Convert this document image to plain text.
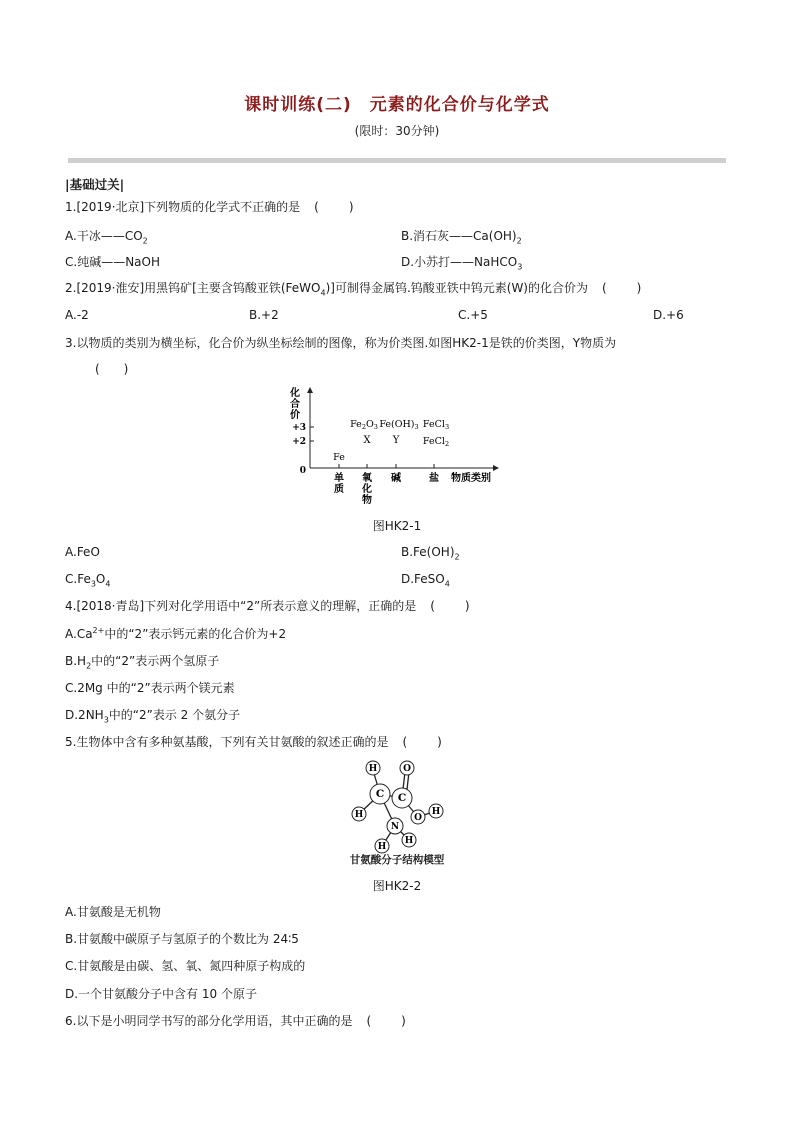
课时训练(二)　元素的化合价与化学式
(限时：30分钟)
|基础过关|
1.[2019·北京]下列物质的化学式不正确的是 (　　)
A.干冰$——CO_2$	B.消石灰$——Ca(OH)_2$
C.纯碱——NaOH	D.小苏打——NaHCO$_3$
2.[2019·淮安]用黑钨矿[主要含钨酸亚铁(FeWO$_4$)]可制得金属钨.钨酸亚铁中钨元素(W)的化合价为 (　　)
A.-2	B.+2	C.+5	D.+6
3.以物质的类别为横坐标，化合价为纵坐标绘制的图像，称为价类图.如图HK2-1是铁的价类图，Y物质为
(　　)
化
合
价
+3
+2
0
单
质
氧
化
物
碱	盐 物质类别
Fe
$Fe_2O_3$
X
$Fe(OH)_3$
Y
FeCl$_3$
FeCl$_2$
图HK2-1
A.FeO	$B.Fe(OH)_2$
$C.Fe_3O_4$	D.FeSO$_4$
4.[2018·青岛]下列对化学用语中“2”所表示意义的理解，正确的是 (　　)
$A.Ca^{2+}$中的“2”表示钙元素的化合价为+2
$B.H_2$中的“2”表示两个氢原子
C.2Mg 中的“2”表示两个镁元素
$D.2NH_3$中的“2”表示 2 个氨分子
5.生物体中含有多种氨基酸，下列有关甘氨酸的叙述正确的是 (　　)
H	O
C C
H	O
H
N
H
H
甘氨酸分子结构模型
图HK2-2
A.甘氨酸是无机物
B.甘氨酸中碳原子与氢原子的个数比为 24∶5
C.甘氨酸是由碳、氢、氧、氮四种原子构成的
D.一个甘氨酸分子中含有 10 个原子
6.以下是小明同学书写的部分化学用语，其中正确的是 (　　)
